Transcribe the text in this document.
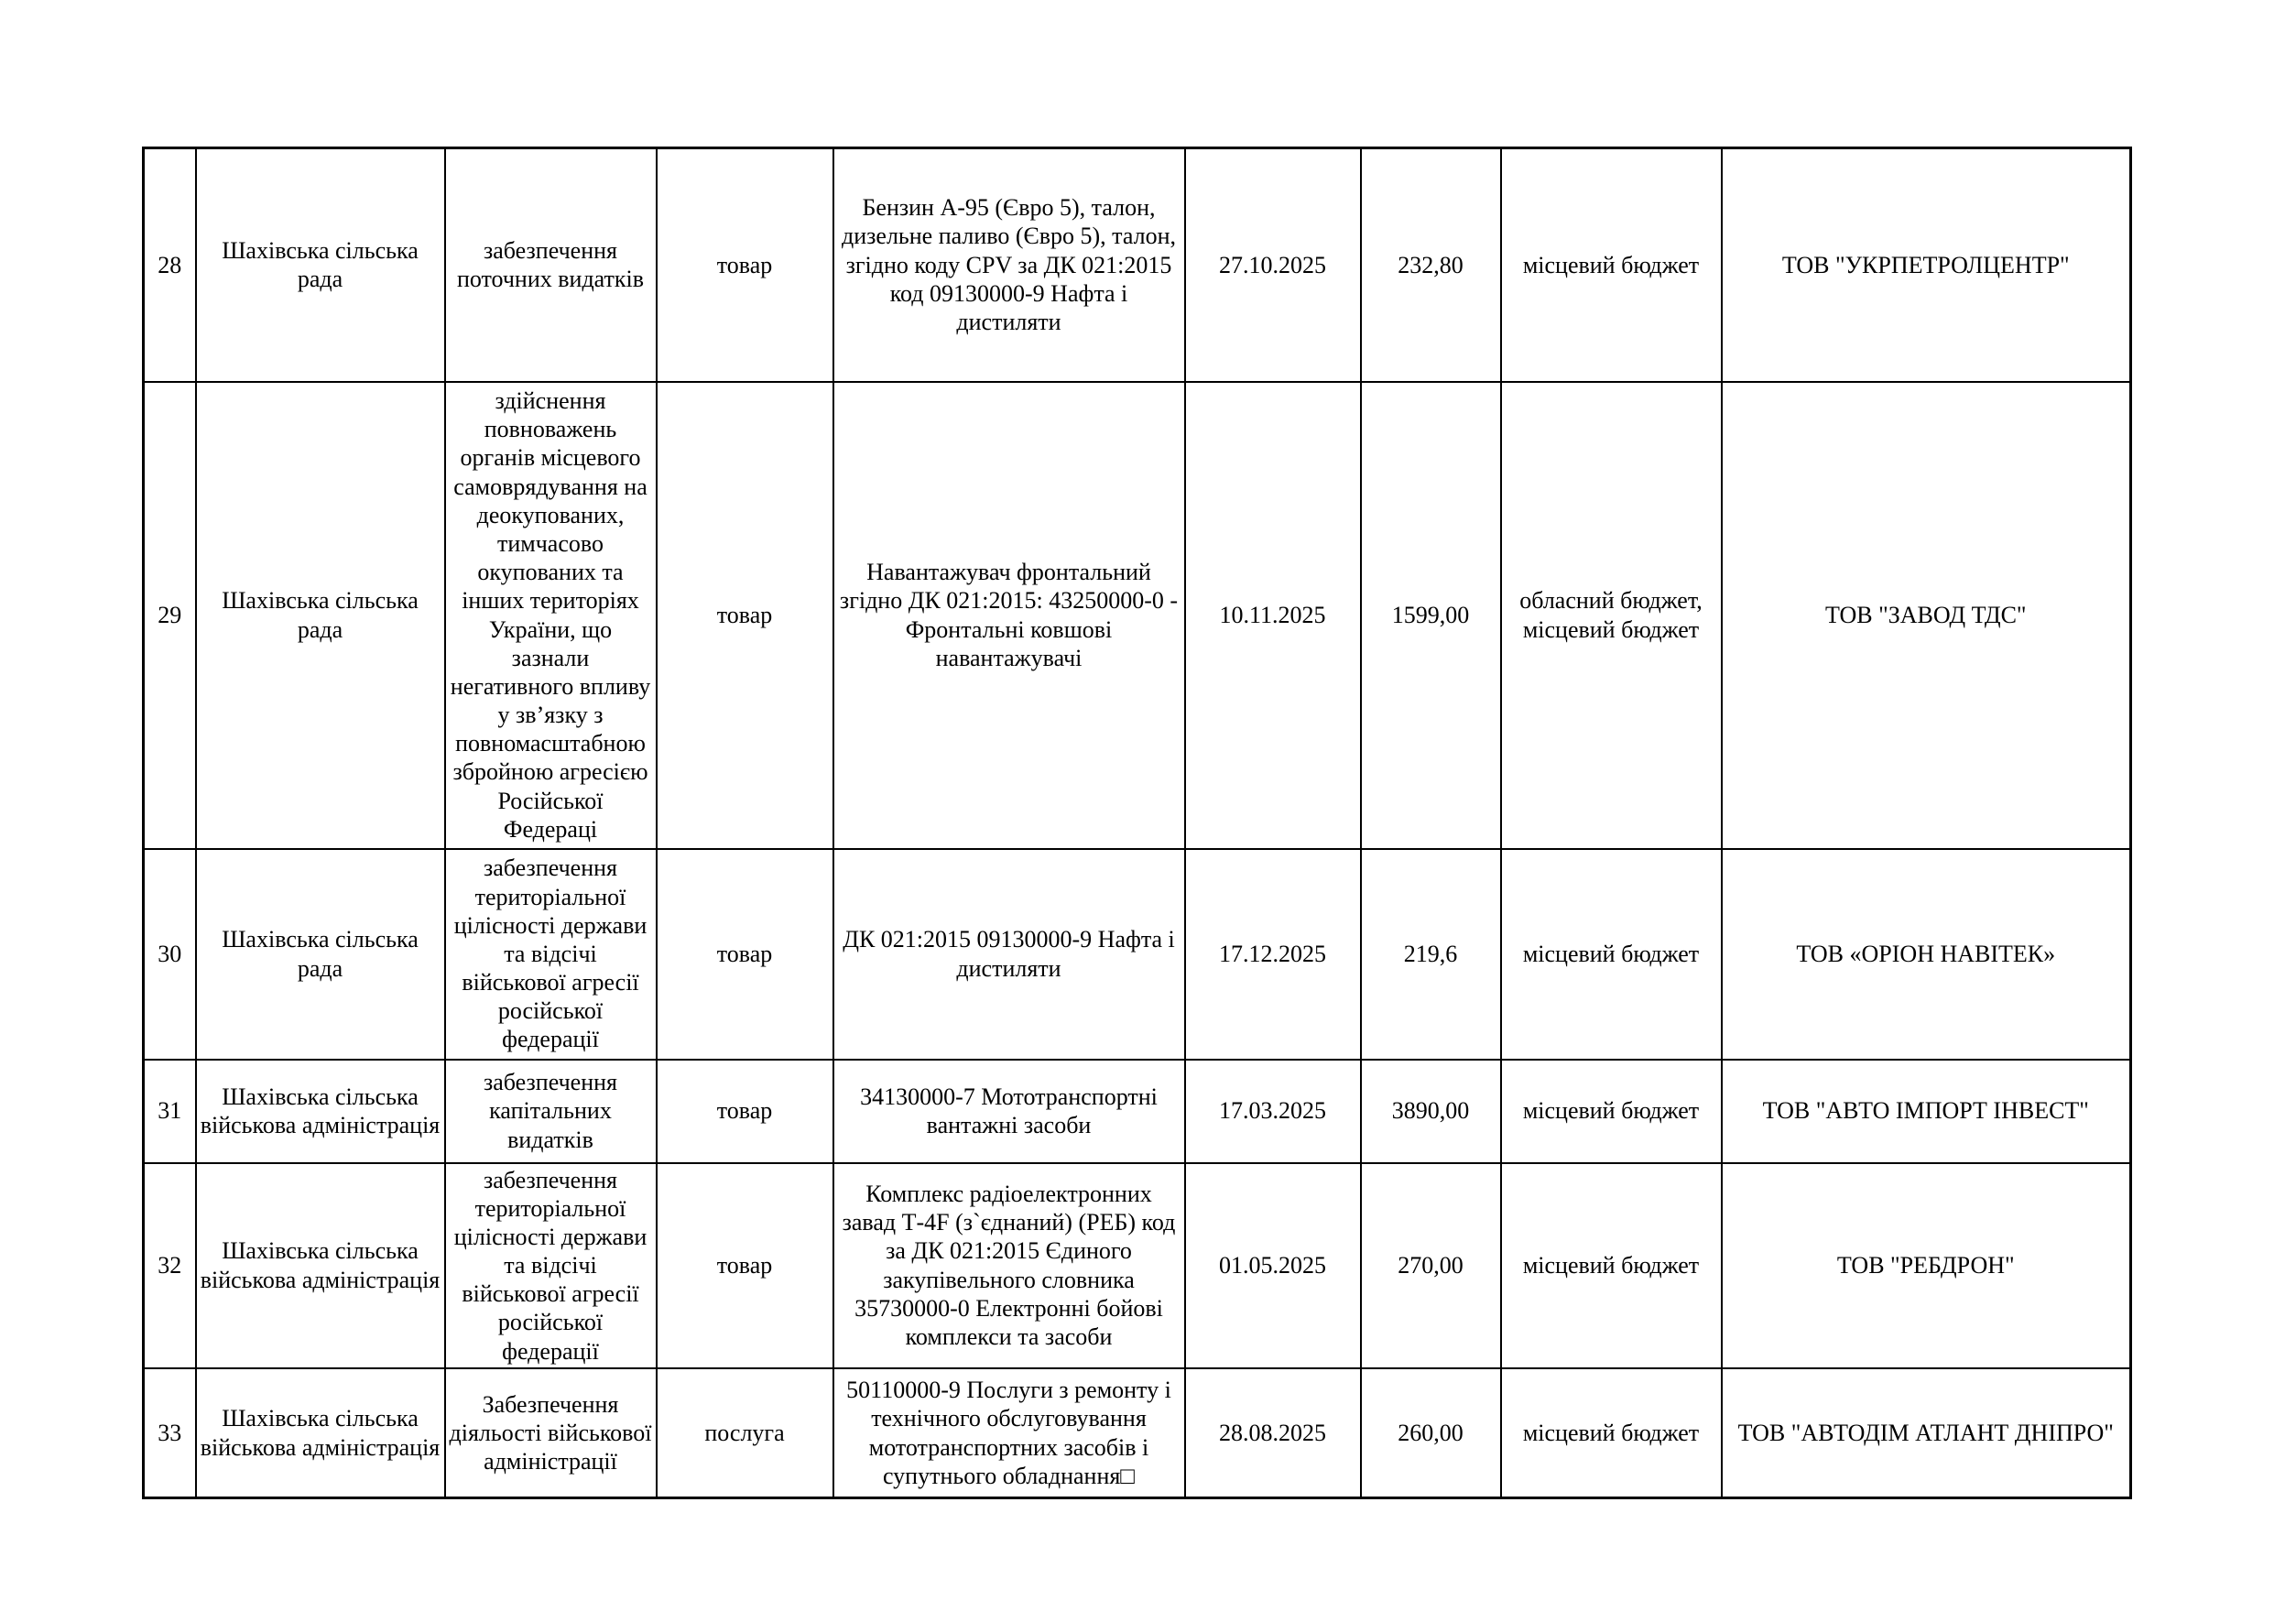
28	Шахівська сільська рада	забезпечення поточних видатків	товар	Бензин А-95 (Євро 5), талон, дизельне паливо (Євро 5), талон, згідно коду CPV за ДК 021:2015 код 09130000-9 Нафта і дистиляти	27.10.2025	232,80	місцевий бюджет	ТОВ "УКРПЕТРОЛЦЕНТР"
29	Шахівська сільська рада	здійснення повноважень органів місцевого самоврядування на деокупованих, тимчасово окупованих та інших територіях України, що зазнали негативного впливу у зв’язку з повномасштабною збройною агресією Російської Федераці	товар	Навантажувач фронтальний згідно ДК 021:2015: 43250000-0 - Фронтальні ковшові навантажувачі	10.11.2025	1599,00	обласний бюджет, місцевий бюджет	ТОВ "ЗАВОД ТДС"
30	Шахівська сільська рада	забезпечення територіальної цілісності держави та відсічі військової агресії російської федерації	товар	ДК 021:2015 09130000-9 Нафта і дистиляти	17.12.2025	219,6	місцевий бюджет	ТОВ «ОРІОН НАВІТЕК»
31	Шахівська сільська військова адміністрація	забезпечення капітальних видатків	товар	34130000-7 Мототранспортні вантажні засоби	17.03.2025	3890,00	місцевий бюджет	ТОВ "АВТО ІМПОРТ ІНВЕСТ"
32	Шахівська сільська військова адміністрація	забезпечення територіальної цілісності держави та відсічі військової агресії російської федерації	товар	Комплекс радіоелектронних завад Т-4F (з`єднаний) (РЕБ) код за ДК 021:2015 Єдиного закупівельного словника 35730000-0 Електронні бойові комплекси та засоби	01.05.2025	270,00	місцевий бюджет	ТОВ "РЕБДРОН"
33	Шахівська сільська військова адміністрація	Забезпечення діяльості військової адміністрації	послуга	50110000-9 Послуги з ремонту і технічного обслуговування мототранспортних засобів і супутнього обладнання□	28.08.2025	260,00	місцевий бюджет	ТОВ "АВТОДІМ АТЛАНТ ДНІПРО"
